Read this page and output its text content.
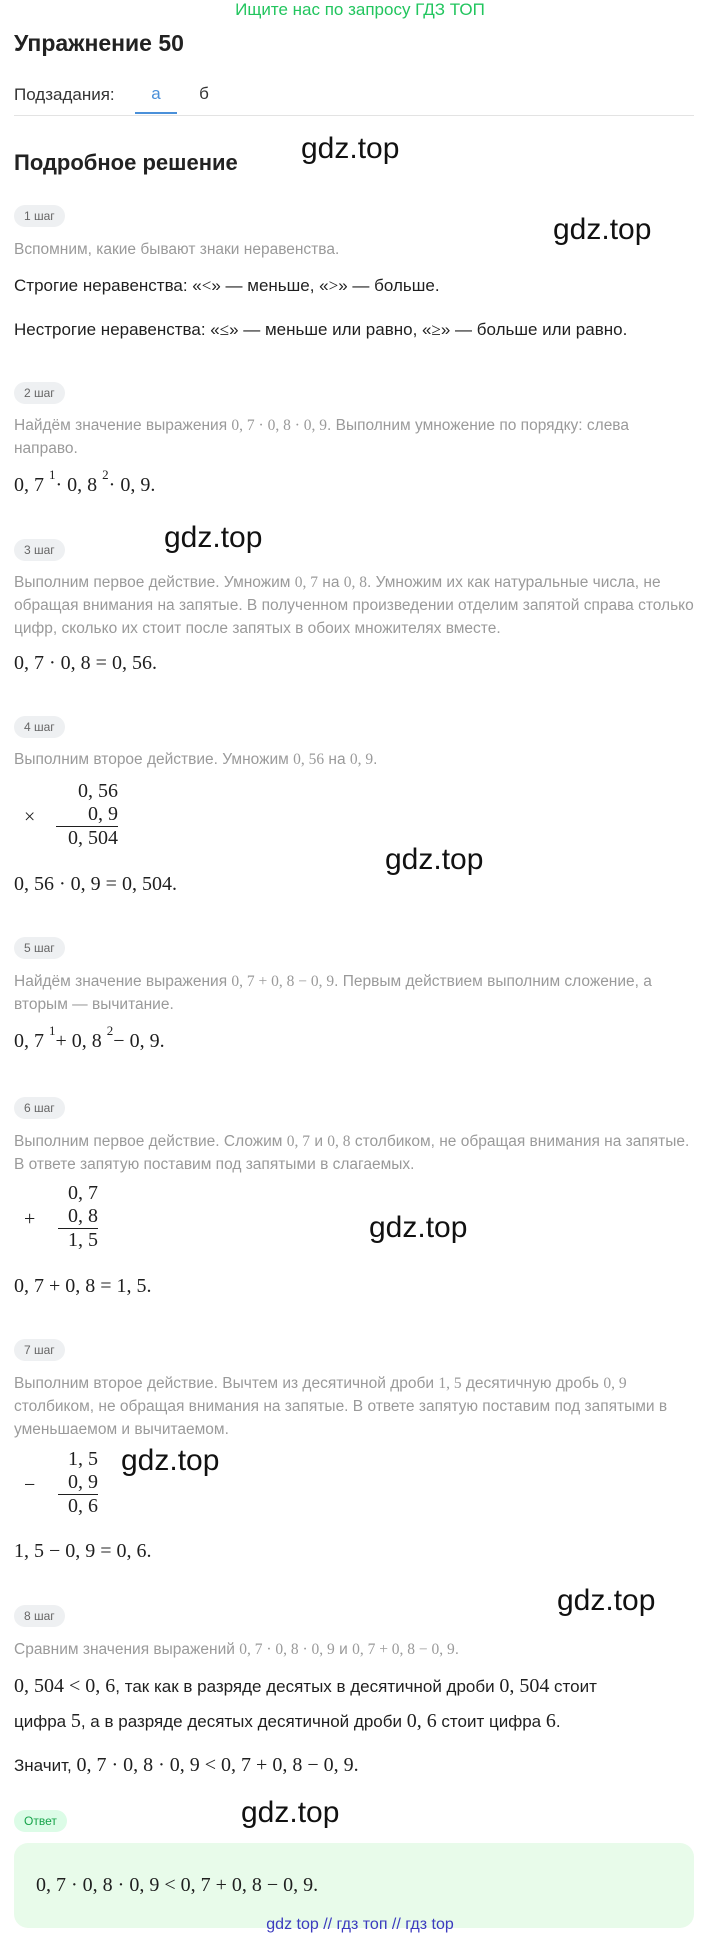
Ищите нас по запросу ГДЗ ТОП
Упражнение 50
Подзадания:	а	б
Подробное решение gdz.top
gdz.top
gdz.top
gdz.top
gdz.top
gdz.top
gdz.top
gdz.top
1 шаг
Вспомним, какие бывают знаки неравенства.
Строгие неравенства: «<» — меньше, «>» — больше.
Нестрогие неравенства: «≤» — меньше или равно, «≥» — больше или равно.
2 шаг
Найдём значение выражения 0, 7 · 0, 8 · 0, 9. Выполним умножение по порядку: слева направо.
0, 7 $^1$· 0, 8 $^2$· 0, 9.
3 шаг
Выполним первое действие. Умножим 0, 7 на 0, 8. Умножим их как натуральные числа, не обращая внимания на запятые. В полученном произведении отделим запятой справа столько цифр, сколько их стоит после запятых в обоих множителях вместе.
0, 7 · 0, 8 = 0, 56.
4 шаг
Выполним второе действие. Умножим 0, 56 на 0, 9.
0, 56
0, 9
0, 504
×
0, 56 · 0, 9 = 0, 504.
5 шаг
Найдём значение выражения 0, 7 + 0, 8 − 0, 9. Первым действием выполним сложение, а вторым — вычитание.
0, 7 $^1$+ 0, 8 $^2$− 0, 9.
6 шаг
Выполним первое действие. Сложим 0, 7 и 0, 8 столбиком, не обращая внимания на запятые. В ответе запятую поставим под запятыми в слагаемых.
0, 7
0, 8
1, 5
+
0, 7 + 0, 8 = 1, 5.
7 шаг
Выполним второе действие. Вычтем из десятичной дроби 1, 5 десятичную дробь 0, 9 столбиком, не обращая внимания на запятые. В ответе запятую поставим под запятыми в уменьшаемом и вычитаемом.
1, 5
0, 9
0, 6
−
1, 5 − 0, 9 = 0, 6.
8 шаг
Сравним значения выражений 0, 7 · 0, 8 · 0, 9 и 0, 7 + 0, 8 − 0, 9.
0, 504 < 0, 6, так как в разряде десятых в десятичной дроби 0, 504 стоит
цифра 5, а в разряде десятых десятичной дроби 0, 6 стоит цифра 6.
Значит, 0, 7 · 0, 8 · 0, 9 < 0, 7 + 0, 8 − 0, 9.
Ответ
0, 7 · 0, 8 · 0, 9 < 0, 7 + 0, 8 − 0, 9.
gdz top // гдз топ // гдз top
